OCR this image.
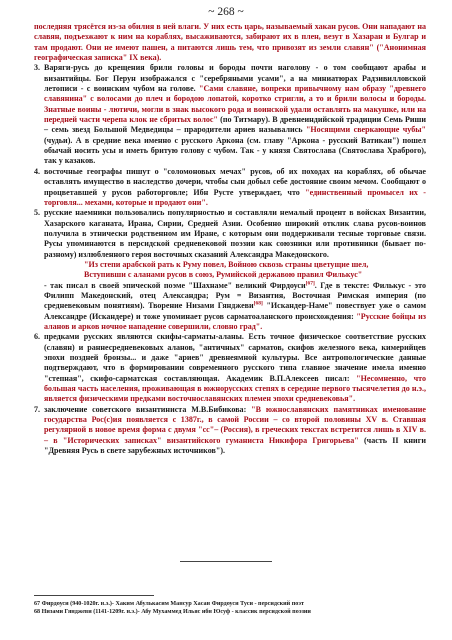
~ 268 ~
последняя трясётся из-за обилия в ней влаги. У них есть царь, называемый хакан русов. Они нападают на славян, подъезжают к ним на кораблях, высаживаются, забирают их в плен, везут в Хазаран и Булгар и там продают. Они не имеют пашен, а питаются лишь тем, что привозят из земли славян" ("Анонимная географическая записка" IX века).
3. Варяги-русь до крещения брили головы и бороды почти наголову - о том сообщают арабы и византийцы. Бог Перун изображался с "серебряными усами", а на миниатюрах Радзивилловской летописи - с воинским чубом на голове. "Сами славяне, вопреки привычному нам образу "древнего славянина" с волосами до плеч и бородою лопатой, коротко стригли, а то и брили волосы и бороды. Знатные воины - лютичи, могли в знак высокого рода и воинской удали оставлять на макушке, или на передней части черепа клок не сбритых волос" (по Титмару). В древнеиндийской традиции Семь Риши – семь звезд Большой Медведицы – прародители ариев назывались "Носящими сверкающие чубы" (чудьи). А в средние века именно с русского Аркона (см. главу "Аркона - русский Ватикан") пошел обычай носить усы и иметь бритую голову с чубом. Так - у князя Святослава (Святослава Храброго), так у казаков.
4. восточные географы пишут о "соломоновых мечах" русов, об их походах на кораблях, об обычае оставлять имущество в наследство дочери, чтобы сын добыл себе достояние своим мечом. Сообщают о процветавшей у русов работорговле; Ибн Русте утверждает, что "единственный промысел их - торговля... мехами, которые и продают они".
5. русские наемники пользовались популярностью и составляли немалый процент в войсках Византии, Хазарского каганата, Ирана, Сирии, Средней Азии. Особенно широкий отклик слава русов-воинов получила в этнически родственном им Иране, с которым они поддерживали тесные торговые связи. Русы упоминаются в персидской средневековой поэзии как союзники или противники (бывает по-разному) излюбленного героя восточных сказаний Александра Македонского.
"Из степи арабской рать к Руму повел, Войною сквозь страны цветущие шел,
Вступивши с аланами русов в союз, Румийской державою правил Филькус"
- так писал в своей эпической поэме "Шахнаме" великий Фирдоуси[67]. Где в тексте: Филькус - это Филипп Македонский, отец Александра; Рум = Византия, Восточная Римская империя (по средневековым понятиям). Творение Низами Гянджеви[68] "Искандер-Наме" повествует уже о самом Александре (Искандере) и тоже упоминает русов сарматоаланского происхождения: "Русские бойцы из аланов и арков ночное нападение совершили, словно град".
6. предками русских являются скифы-сарматы-аланы. Есть точное физическое соответствие русских (славян) и раннесредневековых аланов, "античных" сарматов, скифов железного века, кимерийцев эпохи поздней бронзы... и даже "ариев" древнеямной культуры. Все антропологические данные подтверждают, что в формировании современного русского типа главное значение имела именно "степная", скифо-сарматская составляющая. Академик В.П.Алексеев писал: "Несомненно, что большая часть населения, проживающая в южнорусских степях в середине первого тысячелетия до н.э., является физическими предками восточнославянских племен эпохи средневековья".
7. заключение советского византиниста М.В.Бибикова: "В южнославянских памятниках именование государства Рос(с)ия появляется с 1387г., в самой России – со второй половины XV в. Ставшая регулярной в новое время форма с двумя "сс"– (Россия), в греческих текстах встретится лишь в XIV в. – в "Исторических записках" византийского гуманиста Никифора Григорьева" (часть II книги "Древняя Русь в свете зарубежных источников").
67 Фирдоуси (940-1020г. н.э.)- Хаким Абулькасим Мансур Хасан Фирдоуси Туси - персидский поэт
68 Низами Гянджеви (1141-1209г. н.э.)- Абу Мухаммед Ильяс ибн Юсуф - классик персидской поэзии
